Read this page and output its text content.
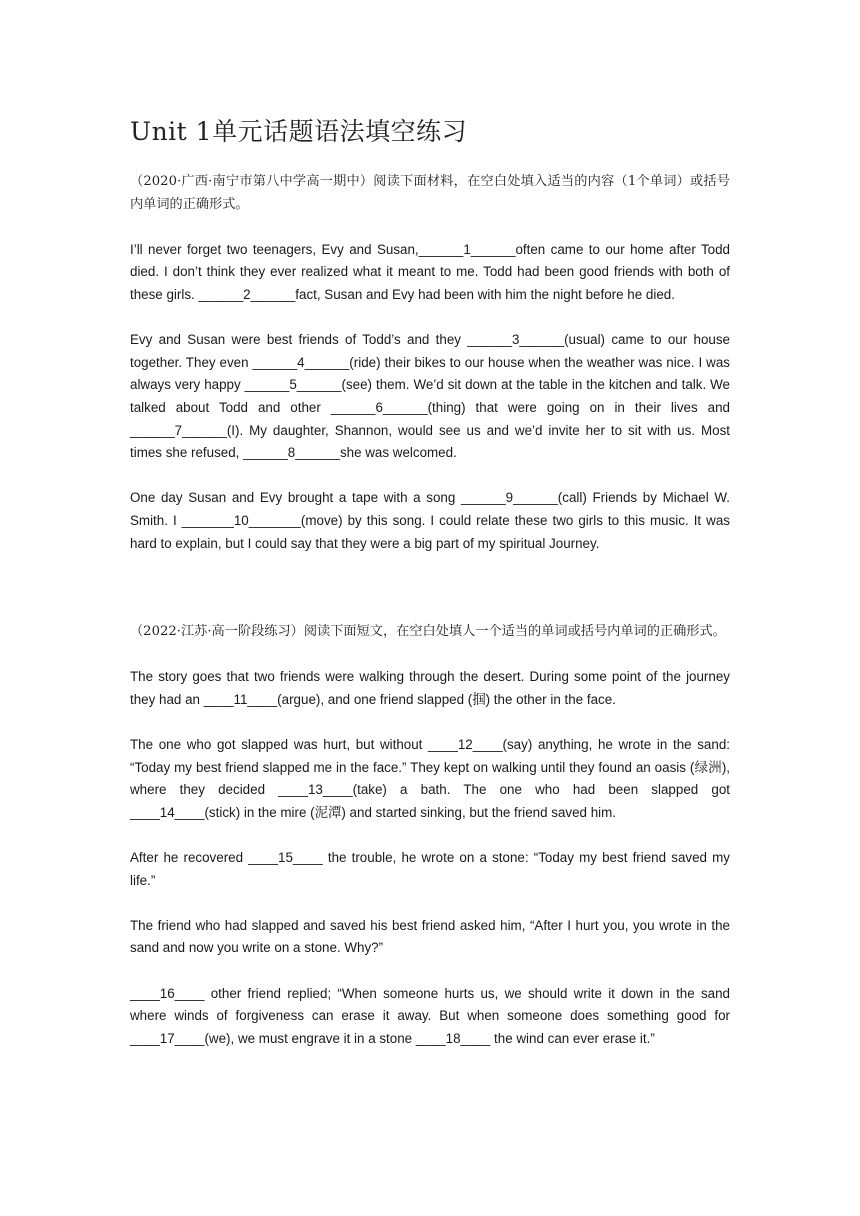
Unit 1单元话题语法填空练习

（2020·广西·南宁市第八中学高一期中）阅读下面材料，在空白处填入适当的内容（1个单词）或括号内单词的正确形式。

I’ll never forget two teenagers, Evy and Susan,______1______often came to our home after Todd died. I don’t think they ever realized what it meant to me. Todd had been good friends with both of these girls. ______2______fact, Susan and Evy had been with him the night before he died.

Evy and Susan were best friends of Todd’s and they ______3______(usual) came to our house together. They even ______4______(ride) their bikes to our house when the weather was nice. I was always very happy ______5______(see) them. We’d sit down at the table in the kitchen and talk. We talked about Todd and other ______6______(thing) that were going on in their lives and ______7______(I). My daughter, Shannon, would see us and we’d invite her to sit with us. Most times she refused, ______8______she was welcomed.

One day Susan and Evy brought a tape with a song ______9______(call) Friends by Michael W. Smith. I _______10_______(move) by this song. I could relate these two girls to this music. It was hard to explain, but I could say that they were a big part of my spiritual Journey.

（2022·江苏·高一阶段练习）阅读下面短文，在空白处填人一个适当的单词或括号内单词的正确形式。

The story goes that two friends were walking through the desert. During some point of the journey they had an ____11____(argue), and one friend slapped (掴) the other in the face.

The one who got slapped was hurt, but without ____12____(say) anything, he wrote in the sand: “Today my best friend slapped me in the face.” They kept on walking until they found an oasis (绿洲), where they decided ____13____(take) a bath. The one who had been slapped got ____14____(stick) in the mire (泥潭) and started sinking, but the friend saved him.

After he recovered ____15____ the trouble, he wrote on a stone: “Today my best friend saved my life.”

The friend who had slapped and saved his best friend asked him, “After I hurt you, you wrote in the sand and now you write on a stone. Why?”

____16____ other friend replied; “When someone hurts us, we should write it down in the sand where winds of forgiveness can erase it away. But when someone does something good for ____17____(we), we must engrave it in a stone ____18____ the wind can ever erase it.”
